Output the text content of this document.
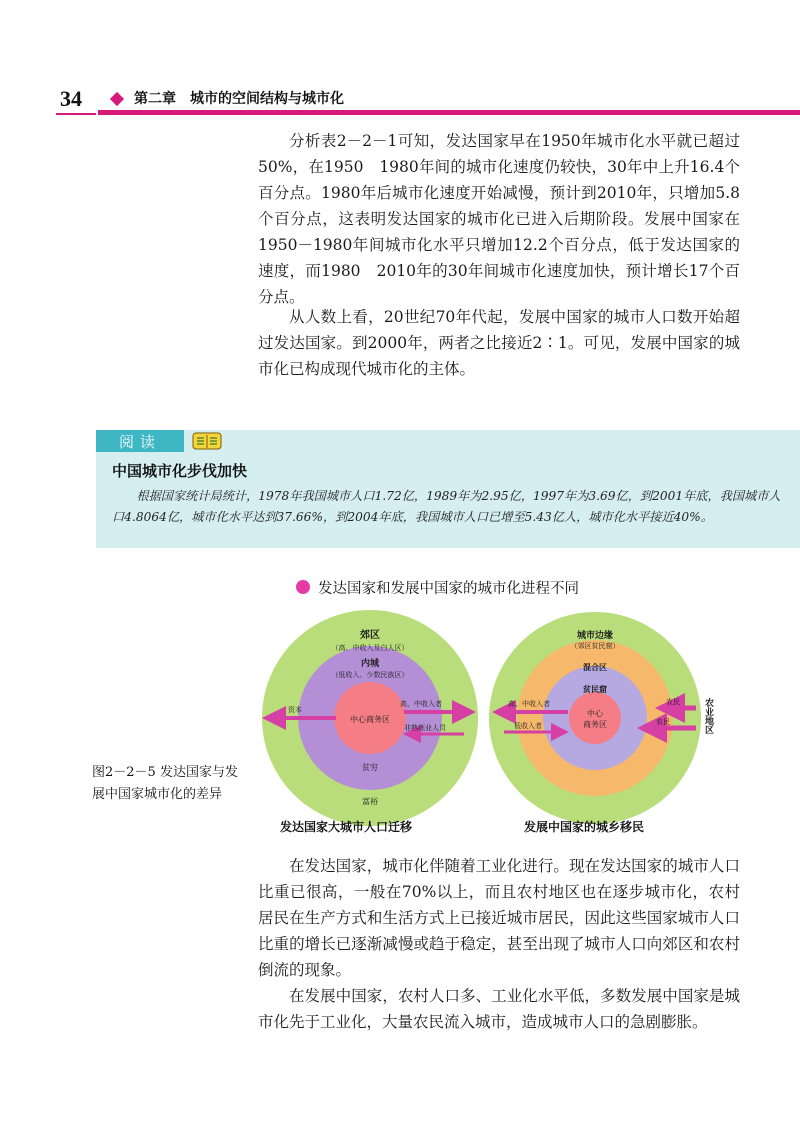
34	第二章　城市的空间结构与城市化

分析表2－2－1可知，发达国家早在1950年城市化水平就已超过50%，在1950　1980年间的城市化速度仍较快，30年中上升16.4个百分点。1980年后城市化速度开始减慢，预计到2010年，只增加5.8个百分点，这表明发达国家的城市化已进入后期阶段。发展中国家在1950－1980年间城市化水平只增加12.2个百分点，低于发达国家的速度，而1980　2010年的30年间城市化速度加快，预计增长17个百分点。

从人数上看，20世纪70年代起，发展中国家的城市人口数开始超过发达国家。到2000年，两者之比接近2∶1。可见，发展中国家的城市化已构成现代城市化的主体。

阅读
中国城市化步伐加快

根据国家统计局统计，1978年我国城市人口1.72亿，1989年为2.95亿，1997年为3.69亿，到2001年底，我国城市人口4.8064亿，城市化水平达到37.66%，到2004年底，我国城市人口已增至5.43亿人，城市化水平接近40%。

发达国家和发展中国家的城市化进程不同
郊区
（高、中收入及白人区）
内城
（低收入、少数民族区）
中心商务区
资本
高、中收入者
非熟练业人员
贫穷
富裕
城市边缘
（郊区贫民窟）
混合区
贫民窟
中心
商务区
高、中收入者
低收入者
农民
农民	农业地区
发达国家大城市人口迁移	发展中国家的城乡移民

图2－2－5 发达国家与发展中国家城市化的差异

在发达国家，城市化伴随着工业化进行。现在发达国家的城市人口比重已很高，一般在70%以上，而且农村地区也在逐步城市化，农村居民在生产方式和生活方式上已接近城市居民，因此这些国家城市人口比重的增长已逐渐减慢或趋于稳定，甚至出现了城市人口向郊区和农村倒流的现象。

在发展中国家，农村人口多、工业化水平低，多数发展中国家是城市化先于工业化，大量农民流入城市，造成城市人口的急剧膨胀。
